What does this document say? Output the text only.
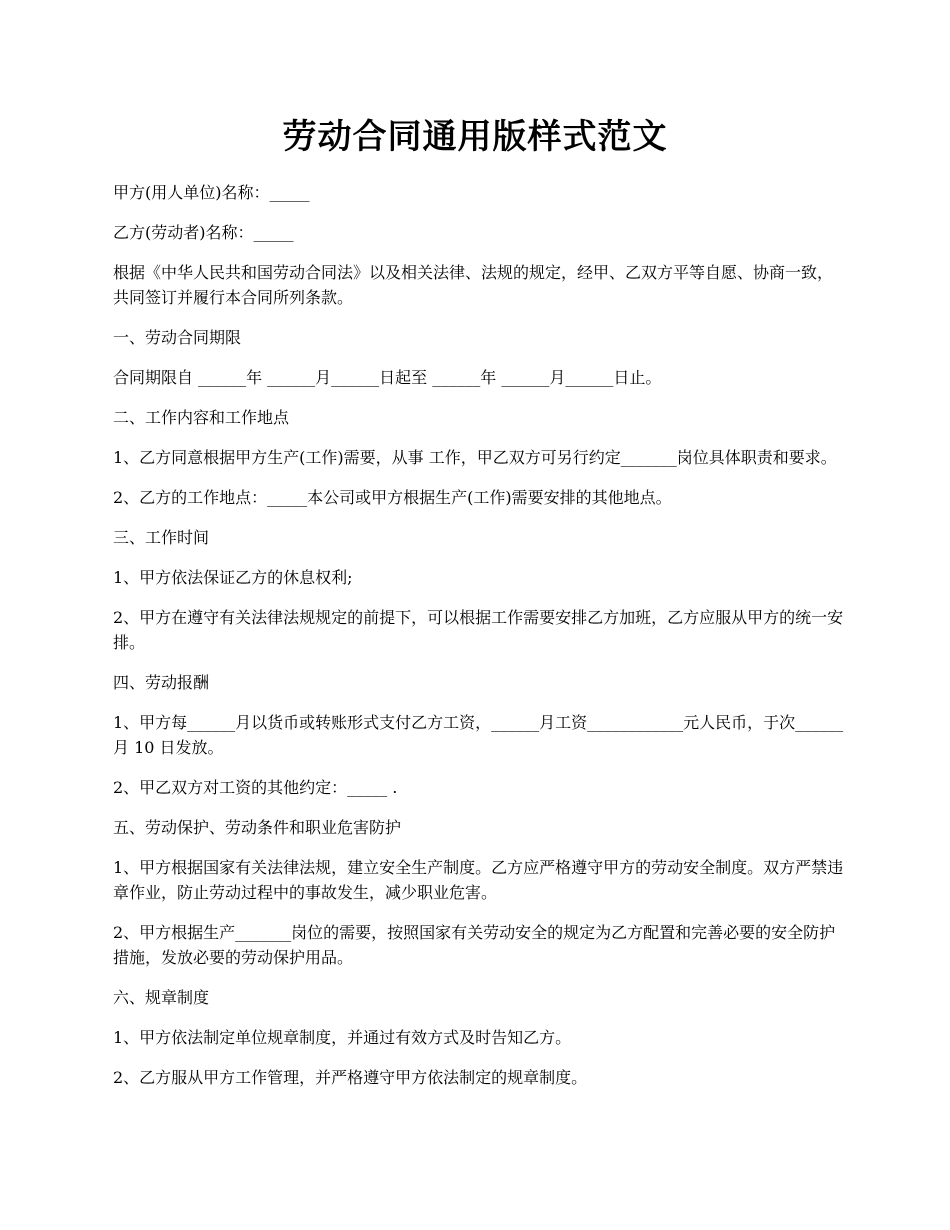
劳动合同通用版样式范文

甲方(用人单位)名称：_____

乙方(劳动者)名称：_____

根据《中华人民共和国劳动合同法》以及相关法律、法规的规定，经甲、乙双方平等自愿、协商一致，共同签订并履行本合同所列条款。

一、劳动合同期限

合同期限自 ______年 ______月______日起至 ______年 ______月______日止。

二、工作内容和工作地点

1、乙方同意根据甲方生产(工作)需要，从事 工作，甲乙双方可另行约定_______岗位具体职责和要求。

2、乙方的工作地点：_____本公司或甲方根据生产(工作)需要安排的其他地点。

三、工作时间

1、甲方依法保证乙方的休息权利;

2、甲方在遵守有关法律法规规定的前提下，可以根据工作需要安排乙方加班，乙方应服从甲方的统一安排。

四、劳动报酬

1、甲方每______月以货币或转账形式支付乙方工资，______月工资____________元人民币，于次______月 10 日发放。

2、甲乙双方对工资的其他约定：_____ .

五、劳动保护、劳动条件和职业危害防护

1、甲方根据国家有关法律法规，建立安全生产制度。乙方应严格遵守甲方的劳动安全制度。双方严禁违章作业，防止劳动过程中的事故发生，减少职业危害。

2、甲方根据生产_______岗位的需要，按照国家有关劳动安全的规定为乙方配置和完善必要的安全防护措施，发放必要的劳动保护用品。

六、规章制度

1、甲方依法制定单位规章制度，并通过有效方式及时告知乙方。

2、乙方服从甲方工作管理，并严格遵守甲方依法制定的规章制度。
